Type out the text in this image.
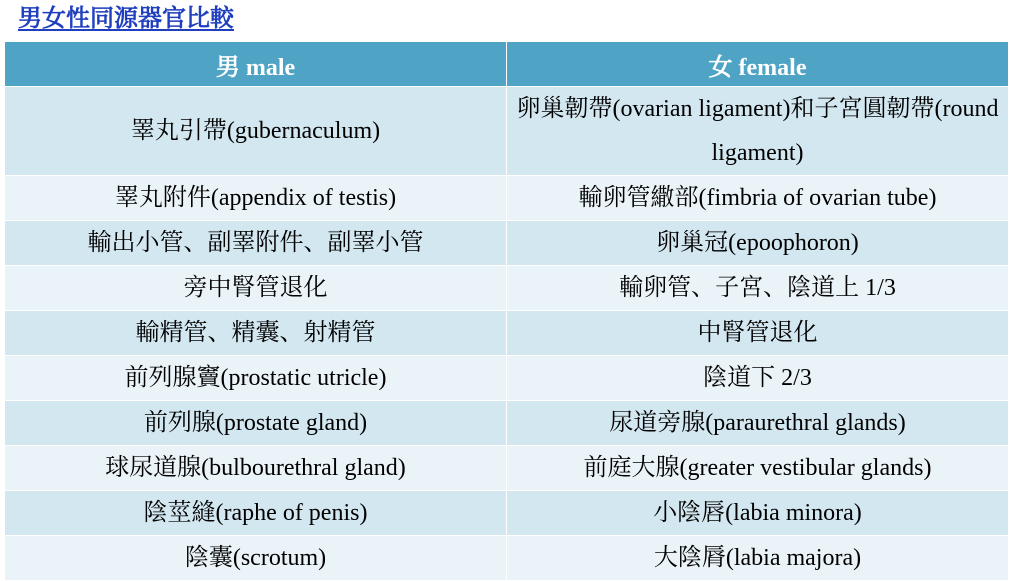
男女性同源器官比較
男 male	女 female
睪丸引帶(gubernaculum)	卵巢韌帶(ovarian ligament)和子宮圓韌帶(round ligament)
睪丸附件(appendix of testis)	輸卵管繖部(fimbria of ovarian tube)
輸出小管、副睪附件、副睪小管	卵巢冠(epoophoron)
旁中腎管退化	輸卵管、子宮、陰道上 1/3
輸精管、精囊、射精管	中腎管退化
前列腺竇(prostatic utricle)	陰道下 2/3
前列腺(prostate gland)	尿道旁腺(paraurethral glands)
球尿道腺(bulbourethral gland)	前庭大腺(greater vestibular glands)
陰莖縫(raphe of penis)	小陰唇(labia minora)
陰囊(scrotum)	大陰脣(labia majora)
